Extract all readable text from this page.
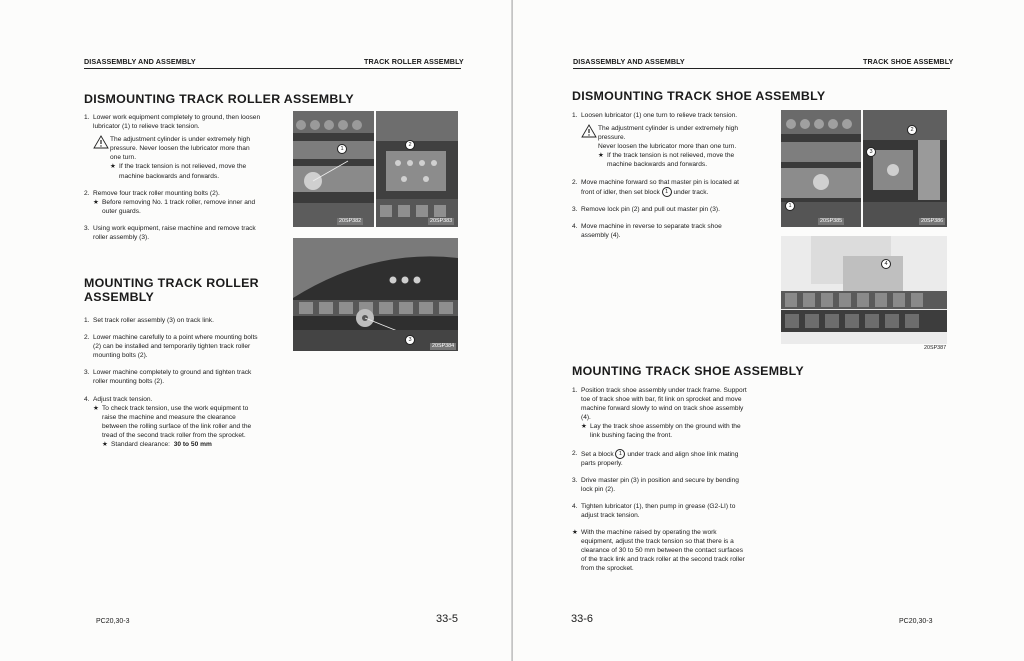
DISASSEMBLY AND ASSEMBLY	TRACK ROLLER ASSEMBLY
DISMOUNTING TRACK ROLLER ASSEMBLY
1. Lower work equipment completely to ground, then loosen lubricator (1) to relieve track tension.
The adjustment cylinder is under extremely high pressure. Never loosen the lubricator more than one turn.
★ If the track tension is not relieved, move the machine backwards and forwards.
2. Remove four track roller mounting bolts (2).
★ Before removing No. 1 track roller, remove inner and outer guards.
3. Using work equipment, raise machine and remove track roller assembly (3).
MOUNTING TRACK ROLLER
ASSEMBLY
1. Set track roller assembly (3) on track link.
2. Lower machine carefully to a point where mounting bolts (2) can be installed and temporarily tighten track roller mounting bolts (2).
3. Lower machine completely to ground and tighten track roller mounting bolts (2).
4. Adjust track tension.
★ To check track tension, use the work equipment to raise the machine and measure the clearance between the rolling surface of the link roller and the tread of the second track roller from the sprocket.
★ Standard clearance:
30 to 50 mm
1
20SP382
2
20SP383
3
20SP384
PC20,30-3	33-5
DISASSEMBLY AND ASSEMBLY	TRACK SHOE ASSEMBLY
DISMOUNTING TRACK SHOE ASSEMBLY
1. Loosen lubricator (1) one turn to relieve track tension.
The adjustment cylinder is under extremely high pressure.
Never loosen the lubricator more than one turn.
★ If the track tension is not relieved, move the machine backwards and forwards.
2. Move machine forward so that master pin is located at front of idler, then set block 1 under track.
3. Remove lock pin (2) and pull out master pin (3).
4. Move machine in reverse to separate track shoe assembly (4).
1
20SP385
3
2
20SP386
4
20SP387
MOUNTING TRACK SHOE ASSEMBLY
1. Position track shoe assembly under track frame. Support toe of track shoe with bar, fit link on sprocket and move machine forward slowly to wind on track shoe assembly (4).
★ Lay the track shoe assembly on the ground with the link bushing facing the front.
2. Set a block 1 under track and align shoe link mating parts properly.
3. Drive master pin (3) in position and secure by bending lock pin (2).
4. Tighten lubricator (1), then pump in grease (G2-LI) to adjust track tension.
★ With the machine raised by operating the work equipment, adjust the track tension so that there is a clearance of 30 to 50 mm between the contact surfaces of the track link and track roller at the second track roller from the sprocket.
33-6	PC20,30-3
